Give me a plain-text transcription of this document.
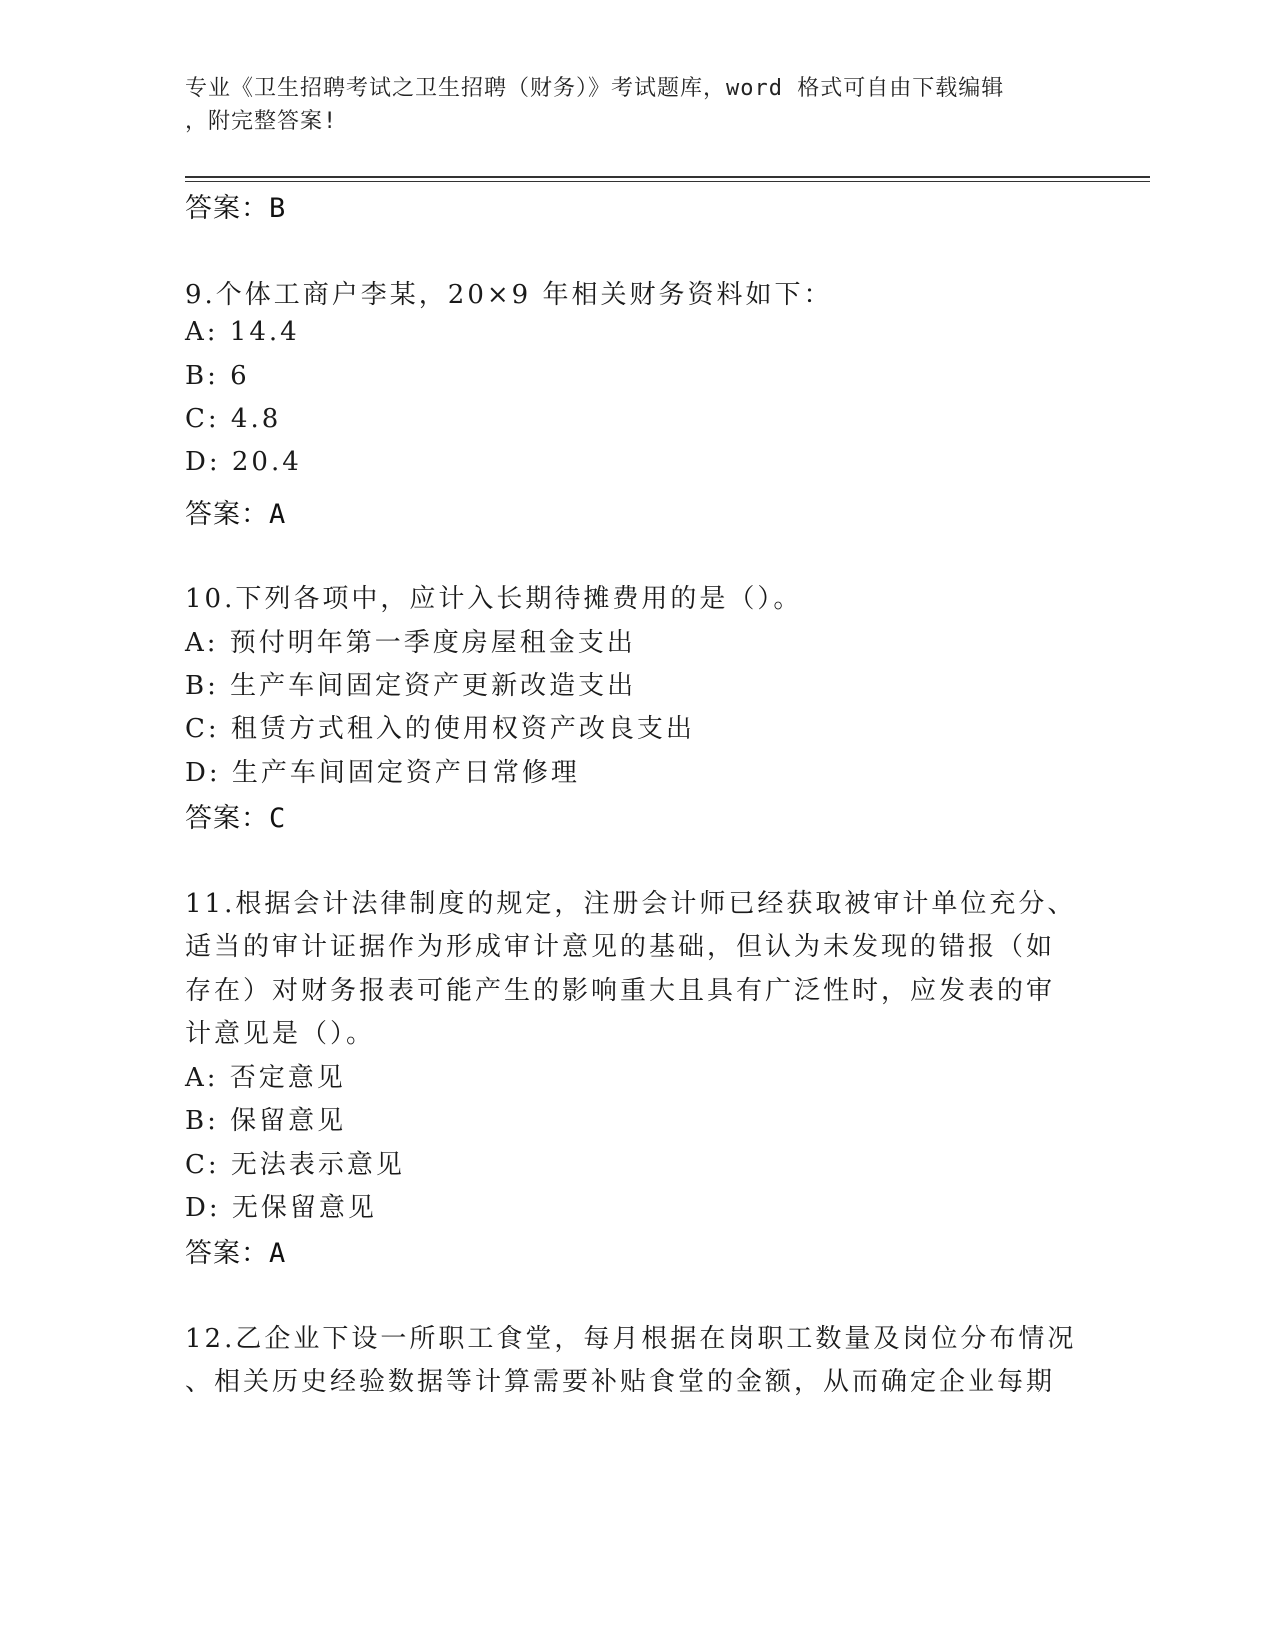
专业《卫生招聘考试之卫生招聘（财务）》考试题库，word 格式可自由下载编辑
，附完整答案!
答案：B
9.个体工商户李某，20×9 年相关财务资料如下：
A: 14.4
B: 6
C: 4.8
D: 20.4
答案：A
10.下列各项中，应计入长期待摊费用的是（）。
A: 预付明年第一季度房屋租金支出
B: 生产车间固定资产更新改造支出
C: 租赁方式租入的使用权资产改良支出
D: 生产车间固定资产日常修理
答案：C
11.根据会计法律制度的规定，注册会计师已经获取被审计单位充分、
适当的审计证据作为形成审计意见的基础，但认为未发现的错报（如
存在）对财务报表可能产生的影响重大且具有广泛性时，应发表的审
计意见是（）。
A: 否定意见
B: 保留意见
C: 无法表示意见
D: 无保留意见
答案：A
12.乙企业下设一所职工食堂，每月根据在岗职工数量及岗位分布情况
、相关历史经验数据等计算需要补贴食堂的金额，从而确定企业每期
